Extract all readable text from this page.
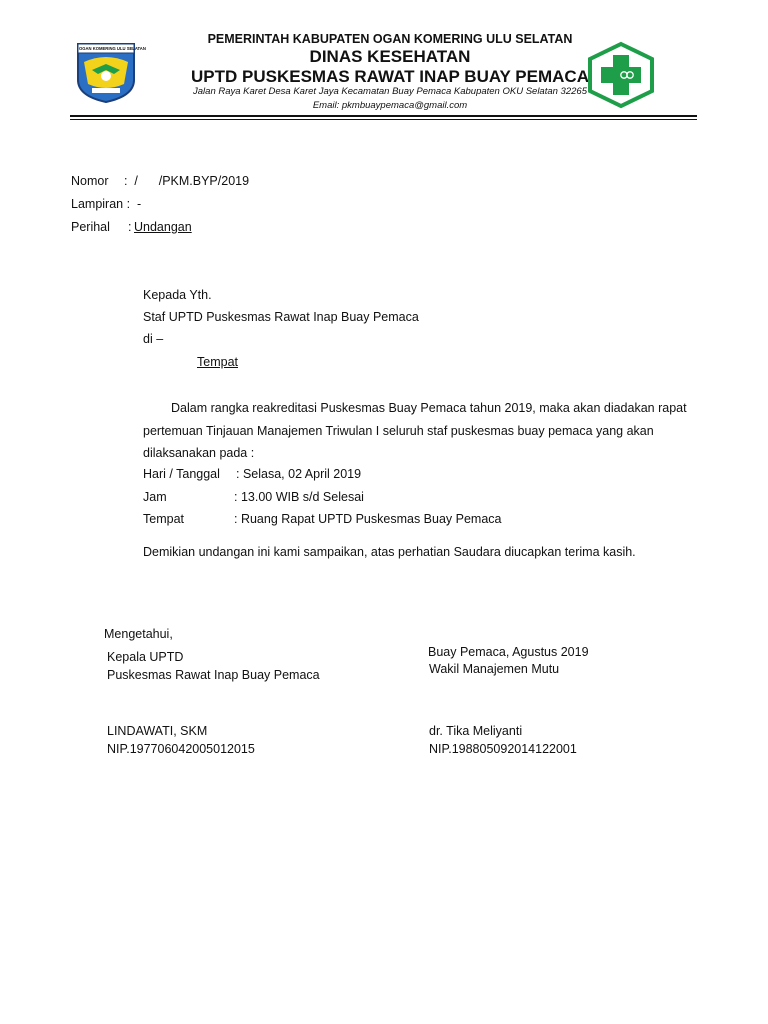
OGAN KOMERING ULU SELATAN
PEMERINTAH KABUPATEN OGAN KOMERING ULU SELATAN
DINAS KESEHATAN
UPTD PUSKESMAS RAWAT INAP BUAY PEMACA
Jalan Raya Karet Desa Karet Jaya Kecamatan Buay Pemaca Kabupaten OKU Selatan 32265
Email: pkmbuaypemaca@gmail.com
Nomor :  /      /PKM.BYP/2019
Lampiran : -
Perihal : Undangan
Kepada Yth.
Staf UPTD Puskesmas Rawat Inap Buay Pemaca
di –
Tempat
Dalam rangka reakreditasi Puskesmas Buay Pemaca tahun 2019, maka akan diadakan rapat pertemuan Tinjauan Manajemen Triwulan I seluruh staf puskesmas buay pemaca yang akan dilaksanakan pada :
Hari / Tanggal : Selasa, 02 April 2019
Jam	: 13.00 WIB s/d Selesai
Tempat	: Ruang Rapat UPTD Puskesmas Buay Pemaca
Demikian undangan ini kami sampaikan, atas perhatian Saudara diucapkan terima kasih.
Mengetahui,
Kepala UPTD
Puskesmas Rawat Inap Buay Pemaca
LINDAWATI, SKM
NIP.197706042005012015
Buay Pemaca, Agustus 2019
Wakil Manajemen Mutu
dr. Tika Meliyanti
NIP.198805092014122001
